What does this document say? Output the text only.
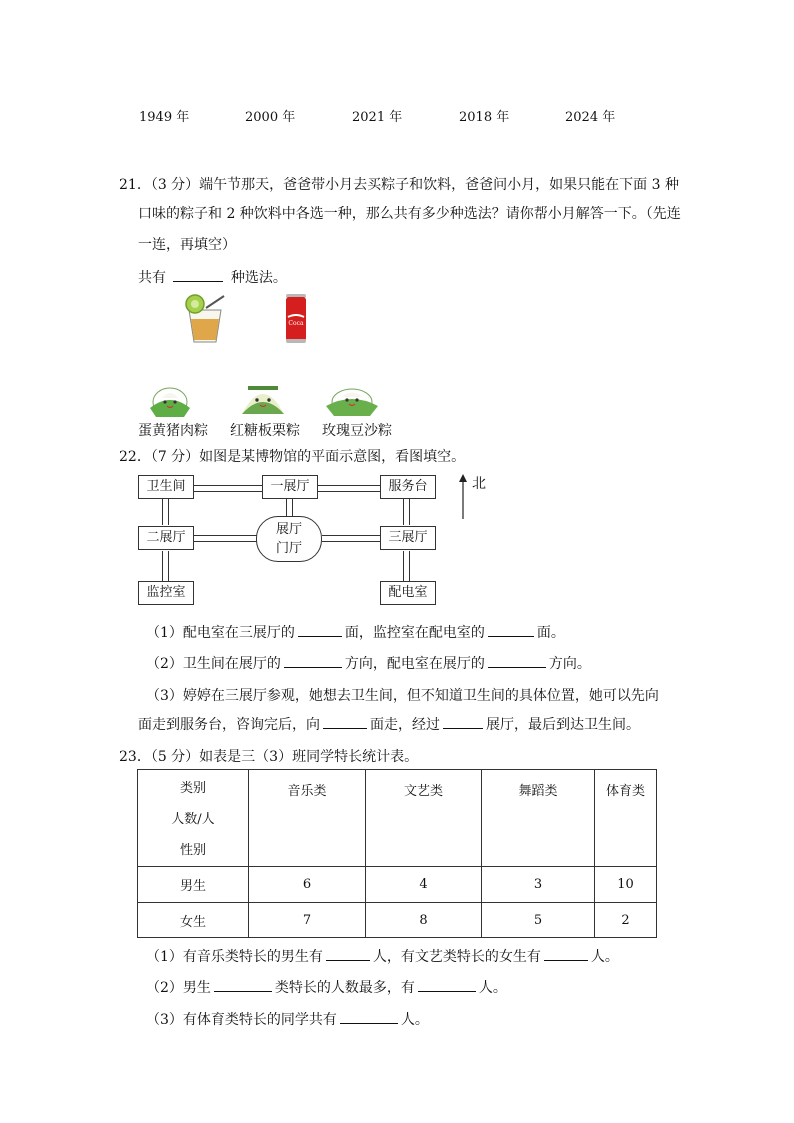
1949 年	2000 年	2021 年	2018 年	2024 年
21．（3 分）端午节那天，爸爸带小月去买粽子和饮料，爸爸问小月，如果只能在下面 3 种
口味的粽子和 2 种饮料中各选一种，那么共有多少种选法？请你帮小月解答一下。（先连
一连，再填空）
共有	种选法。
Coca
蛋黄猪肉粽 红糖板栗粽 玫瑰豆沙粽
22．（7 分）如图是某博物馆的平面示意图，看图填空。
卫生间	一展厅	服务台
二展厅	三展厅
监控室	配电室
展厅
门厅
北
（1）配电室在三展厅的	面，监控室在配电室的	面。
（2）卫生间在展厅的	方向，配电室在展厅的	方向。
（3）婷婷在三展厅参观，她想去卫生间，但不知道卫生间的具体位置，她可以先向
面走到服务台，咨询完后，向	面走，经过	展厅，最后到达卫生间。
23．（5 分）如表是三（3）班同学特长统计表。
类别
人数/人
性别	音乐类	文艺类	舞蹈类	体育类
男生	6	4	3	10
女生	7	8	5	2
（1）有音乐类特长的男生有	人，有文艺类特长的女生有	人。
（2）男生	类特长的人数最多，有	人。
（3）有体育类特长的同学共有	人。
